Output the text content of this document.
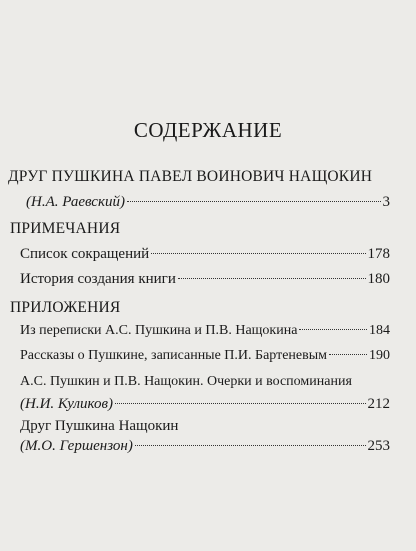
СОДЕРЖАНИЕ
ДРУГ ПУШКИНА ПАВЕЛ ВОИНОВИЧ НАЩОКИН
(Н.А. Раевский)	3
ПРИМЕЧАНИЯ
Список сокращений	178
История создания книги	180
ПРИЛОЖЕНИЯ
Из переписки А.С. Пушкина и П.В. Нащокина	184
Рассказы о Пушкине, записанные П.И. Бартеневым	190
А.С. Пушкин и П.В. Нащокин. Очерки и воспоминания
(Н.И. Куликов)	212
Друг Пушкина Нащокин
(М.О. Гершензон)	253
